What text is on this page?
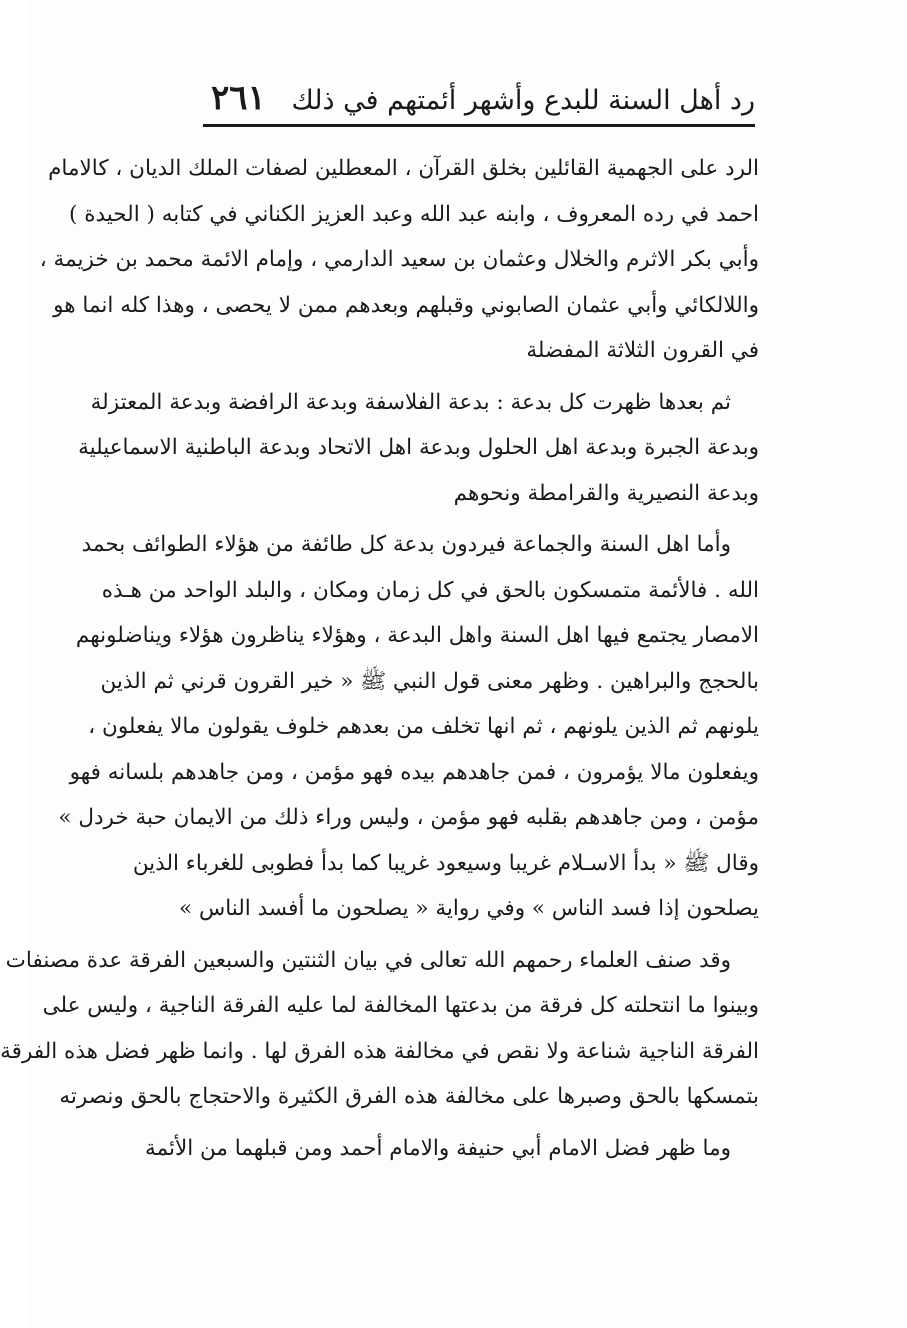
رد أهل السنة للبدع وأشهر أئمتهم في ذلك
٢٦١
الرد على الجهمية القائلين بخلق القرآن ، المعطلين لصفات الملك الديان ، كالامام
احمد في رده المعروف ، وابنه عبد الله وعبد العزيز الكناني في كتابه ( الحيدة )
وأبي بكر الاثرم والخلال وعثمان بن سعيد الدارمي ، وإمام الائمة محمد بن خزيمة ،
واللالكائي وأبي عثمان الصابوني وقبلهم وبعدهم ممن لا يحصى ، وهذا كله انما هو
في القرون الثلاثة المفضلة
ثم بعدها ظهرت كل بدعة : بدعة الفلاسفة وبدعة الرافضة وبدعة المعتزلة
وبدعة الجبرة وبدعة اهل الحلول وبدعة اهل الاتحاد وبدعة الباطنية الاسماعيلية
وبدعة النصيرية والقرامطة ونحوهم
وأما اهل السنة والجماعة فيردون بدعة كل طائفة من هؤلاء الطوائف بحمد
الله . فالأئمة متمسكون بالحق في كل زمان ومكان ، والبلد الواحد من هـذه
الامصار يجتمع فيها اهل السنة واهل البدعة ، وهؤلاء يناظرون هؤلاء ويناضلونهم
بالحجج والبراهين . وظهر معنى قول النبي ﷺ « خير القرون قرني ثم الذين
يلونهم ثم الذين يلونهم ، ثم انها تخلف من بعدهم خلوف يقولون مالا يفعلون ،
ويفعلون مالا يؤمرون ، فمن جاهدهم بيده فهو مؤمن ، ومن جاهدهم بلسانه فهو
مؤمن ، ومن جاهدهم بقلبه فهو مؤمن ، وليس وراء ذلك من الايمان حبة خردل »
وقال ﷺ « بدأ الاسـلام غريبا وسيعود غريبا كما بدأ فطوبى للغرباء الذين
يصلحون إذا فسد الناس » وفي رواية « يصلحون ما أفسد الناس »
وقد صنف العلماء رحمهم الله تعالى في بيان الثنتين والسبعين الفرقة عدة مصنفات
وبينوا ما انتحلته كل فرقة من بدعتها المخالفة لما عليه الفرقة الناجية ، وليس على
الفرقة الناجية شناعة ولا نقص في مخالفة هذه الفرق لها . وانما ظهر فضل هذه الفرقة
بتمسكها بالحق وصبرها على مخالفة هذه الفرق الكثيرة والاحتجاج بالحق ونصرته
وما ظهر فضل الامام أبي حنيفة والامام أحمد ومن قبلهما من الأئمة
